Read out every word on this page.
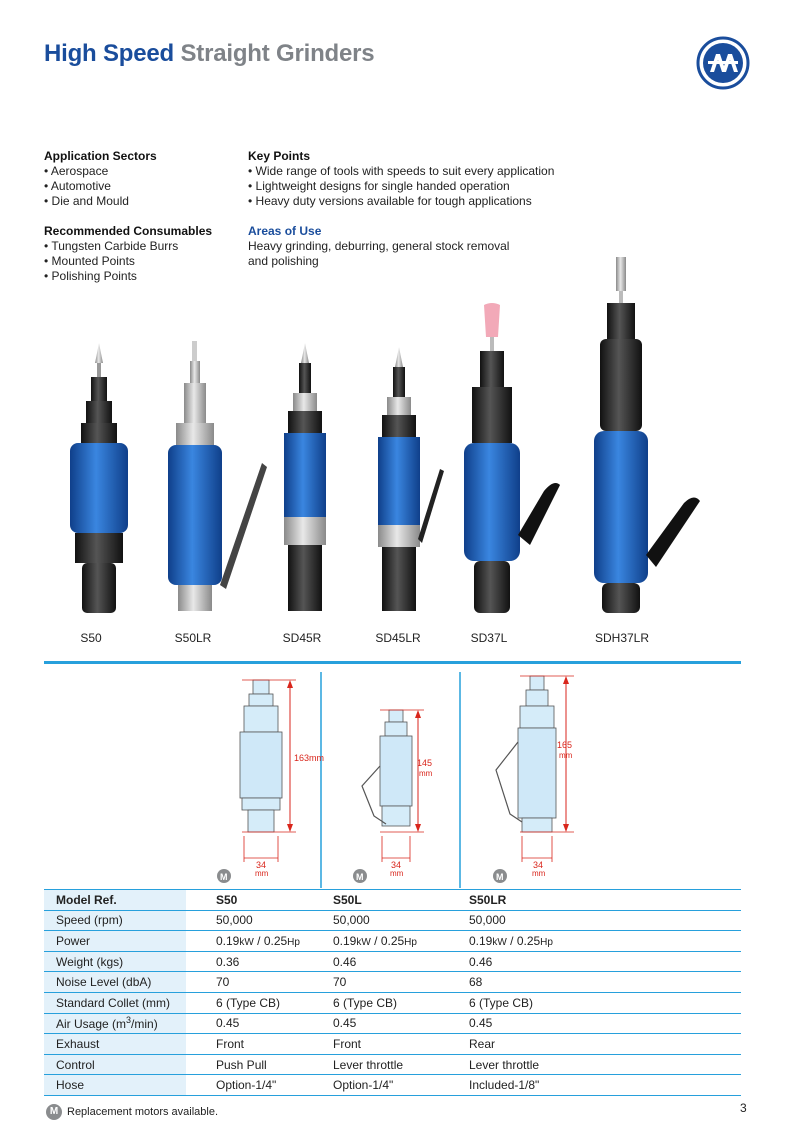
High Speed Straight Grinders
Application Sectors
• Aerospace
• Automotive
• Die and Mould
Recommended Consumables
• Tungsten Carbide Burrs
• Mounted Points
• Polishing Points
Key Points
• Wide range of tools with speeds to suit every application
• Lightweight designs for single handed operation
• Heavy duty versions available for tough applications
Areas of Use

Heavy grinding, deburring, general stock removal and polishing

S50	S50LR	SD45R	SD45LR	SD37L	SDH37LR
163mm
34
mm
M
145
mm
34
mm
M
165
mm
34
mm
M
Model Ref.	S50	S50L	S50LR
Speed (rpm)	50,000	50,000	50,000
Power	0.19kW / 0.25Hp	0.19kW / 0.25Hp	0.19kW / 0.25Hp
Weight (kgs)	0.36	0.46	0.46
Noise Level (dbA)	70	70	68
Standard Collet (mm)	6 (Type CB)	6 (Type CB)	6 (Type CB)
Air Usage $(m^3/\min)$	0.45	0.45	0.45
Exhaust	Front	Front	Rear
Control	Push Pull	Lever throttle	Lever throttle
Hose	Option-1/4"	Option-1/4"	Included-1/8"
M Replacement motors available.	3
